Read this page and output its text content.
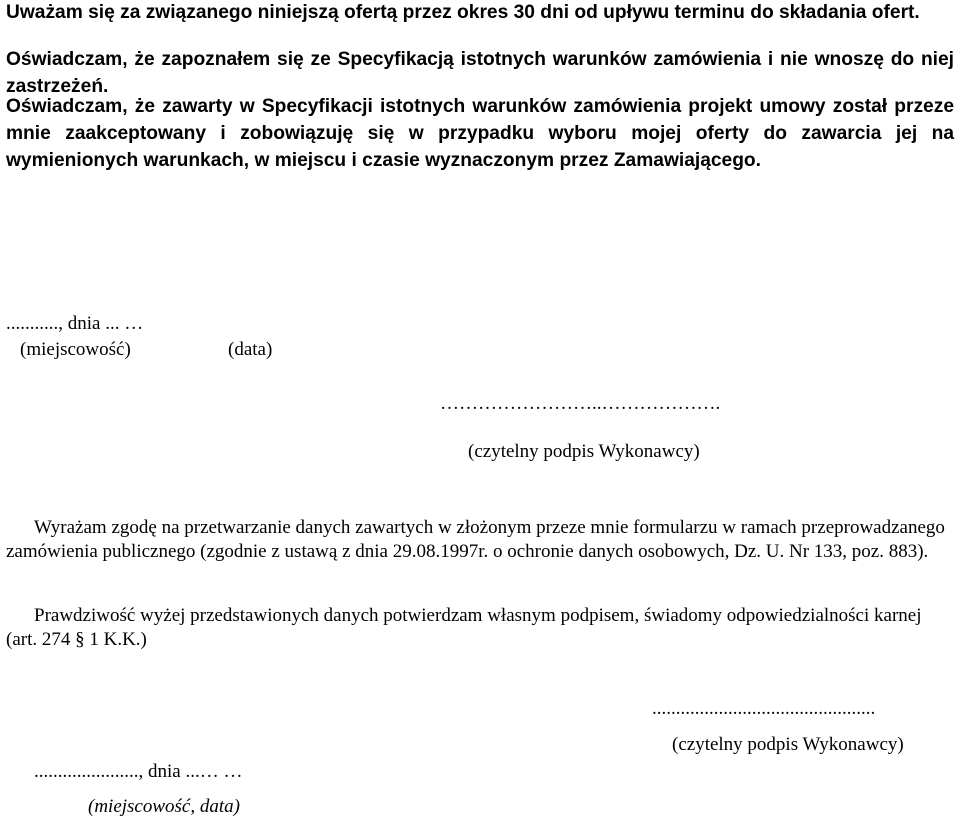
Uważam się za związanego niniejszą ofertą przez okres 30 dni od upływu terminu do składania ofert.

Oświadczam, że zapoznałem się ze Specyfikacją istotnych warunków zamówienia i nie wnoszę do niej zastrzeżeń.

Oświadczam, że zawarty w Specyfikacji istotnych warunków zamówienia projekt umowy został przeze mnie zaakceptowany i zobowiązuję się w przypadku wyboru mojej oferty do zawarcia jej na wymienionych warunkach, w miejscu i czasie wyznaczonym przez Zamawiającego.

..........., dnia ... …
(miejscowość)	(data)
……………………..……………….
(czytelny podpis Wykonawcy)

Wyrażam zgodę na przetwarzanie danych zawartych w złożonym przeze mnie formularzu w ramach przeprowadzanego zamówienia publicznego (zgodnie z ustawą z dnia 29.08.1997r. o ochronie danych osobowych, Dz. U. Nr 133, poz. 883).

Prawdziwość wyżej przedstawionych danych potwierdzam własnym podpisem, świadomy odpowiedzialności karnej (art. 274 § 1 K.K.)

...............................................
(czytelny podpis Wykonawcy)
......................, dnia ...… …
(miejscowość, data)
